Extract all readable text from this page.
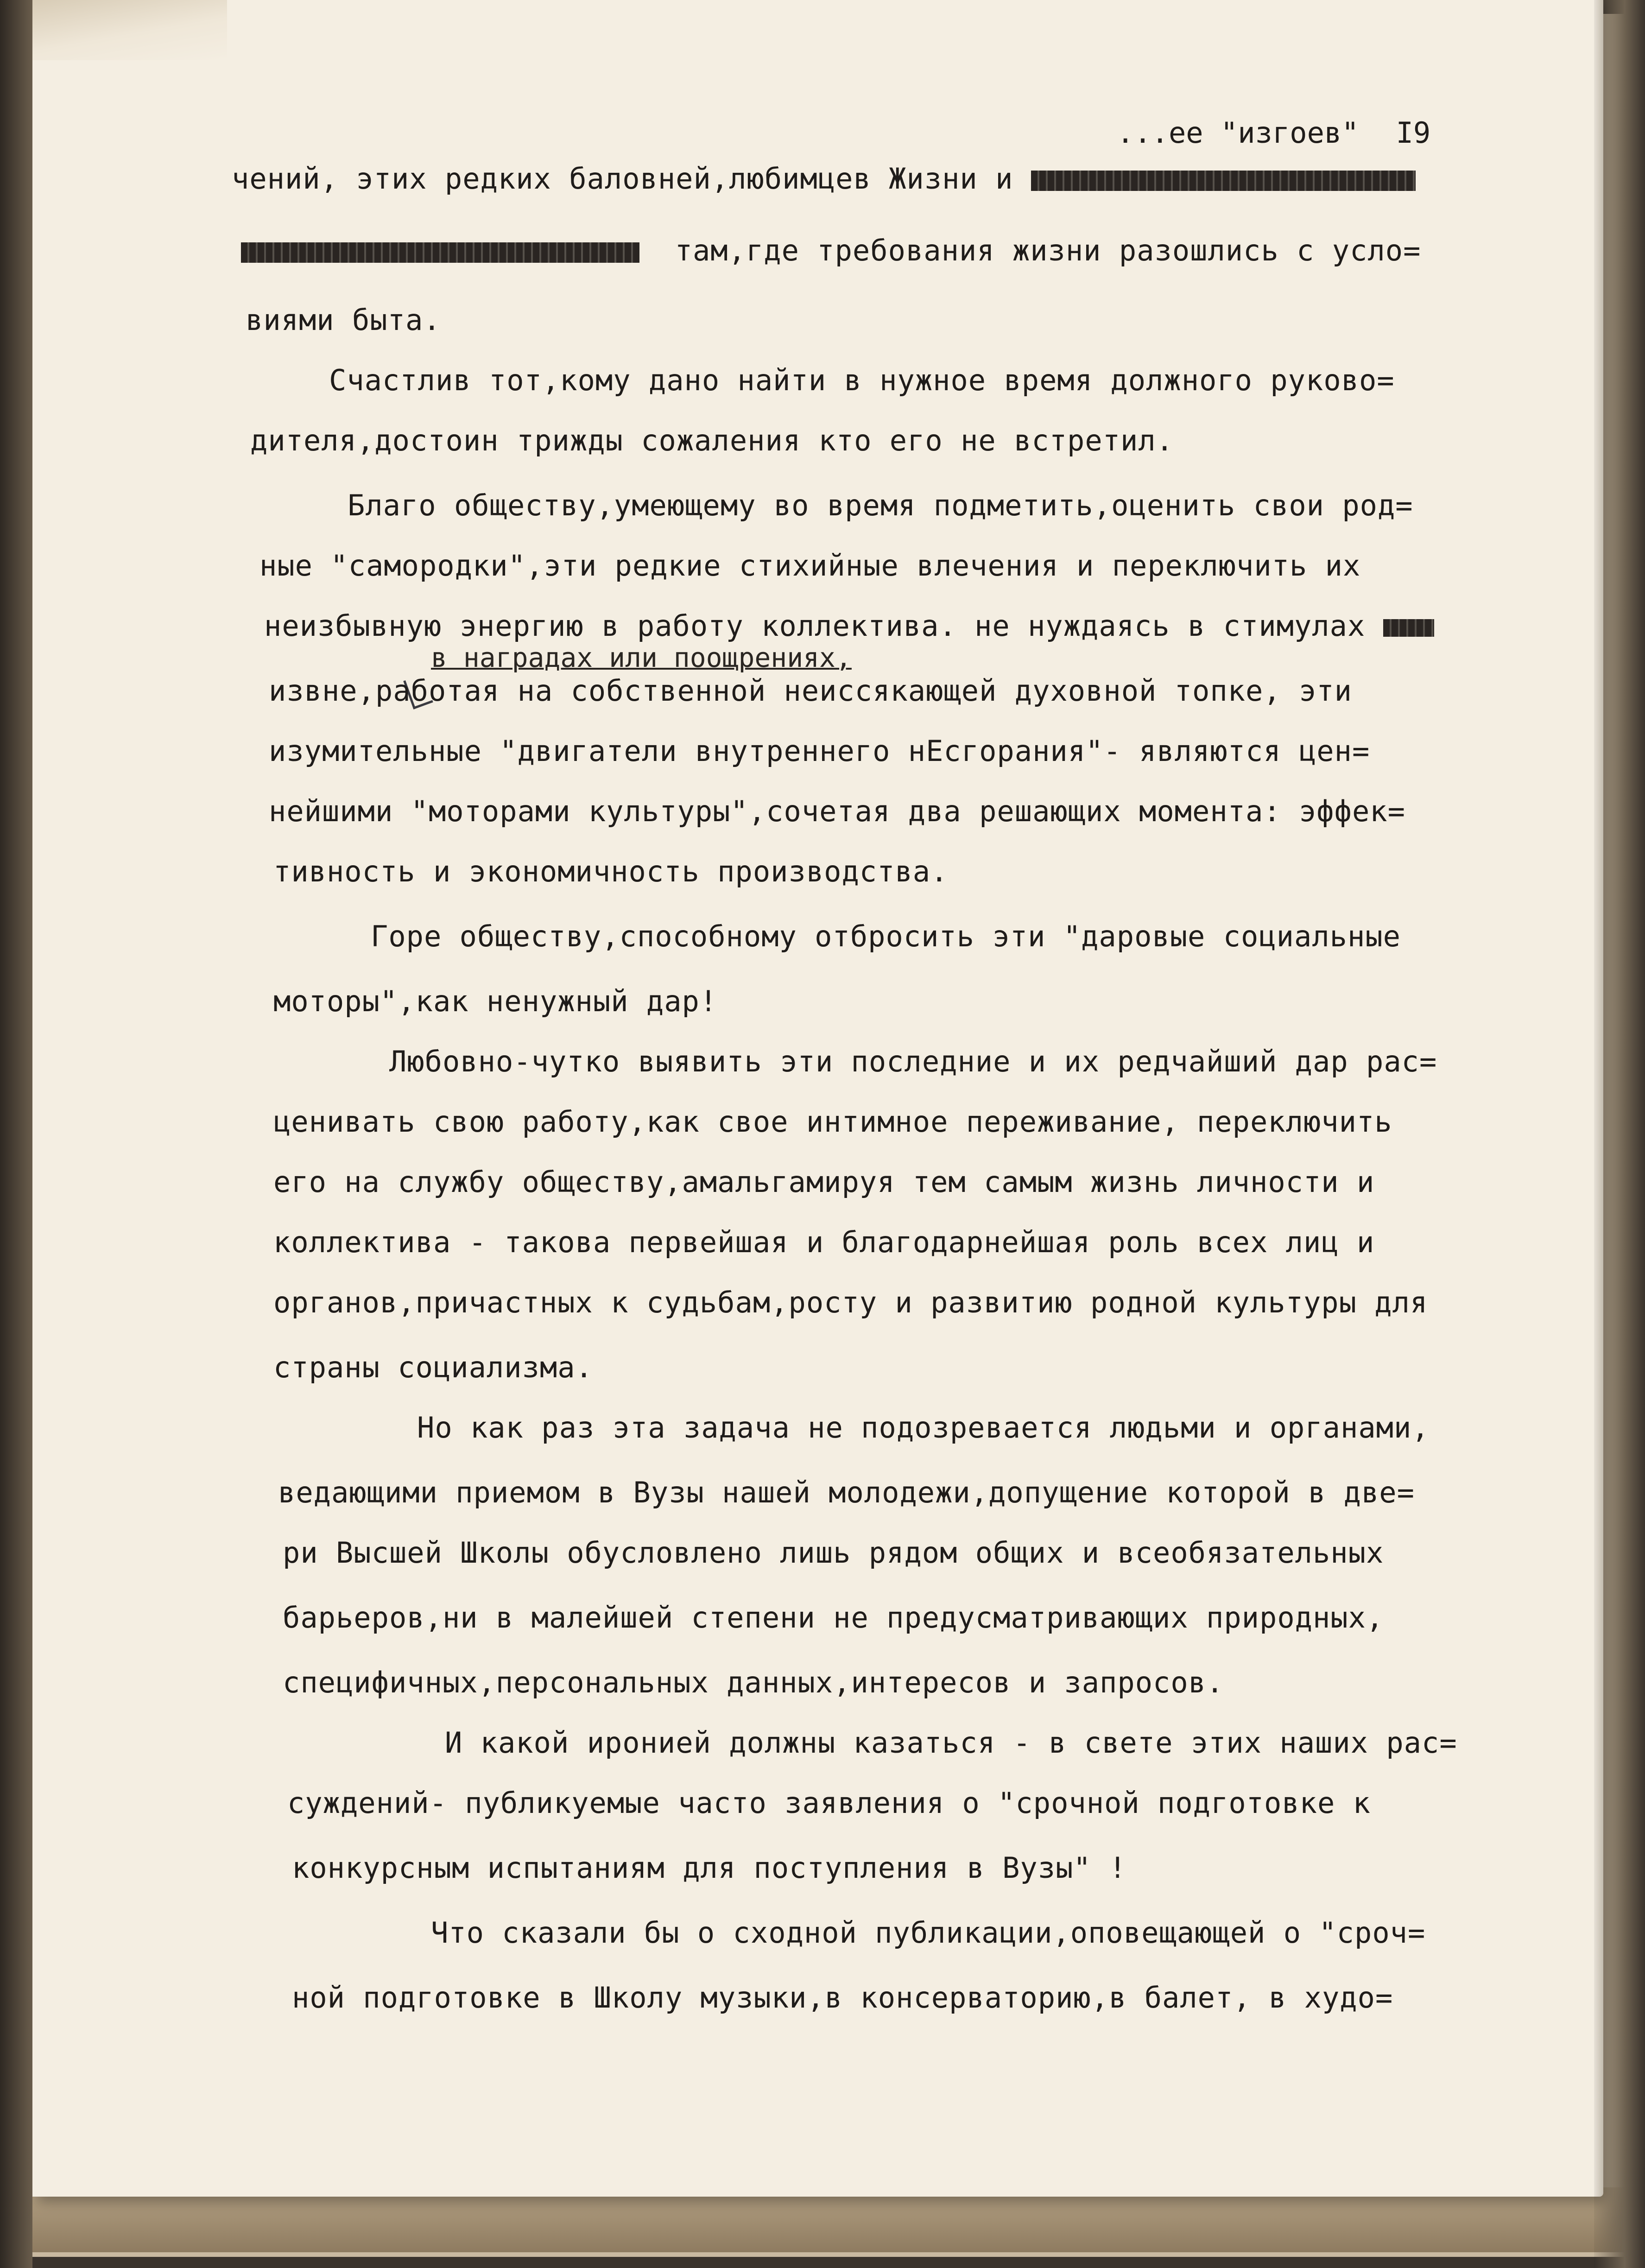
...ее "изгоев" I9
чений, этих редких баловней,любимцев Жизни и
там,где требования жизни разошлись с усло=
виями быта.
Счастлив тот,кому дано найти в нужное время должного руково=
дителя,достоин трижды сожаления кто его не встретил.
Благо обществу,умеющему во время подметить,оценить свои род=
ные "самородки",эти редкие стихийные влечения и переключить их
неизбывную энергию в работу коллектива. не нуждаясь в стимулах
в наградах или поощрениях,
извне,работая на собственной неиссякающей духовной топке, эти
изумительные "двигатели внутреннего нЕсгорания"- являются цен=
нейшими "моторами культуры",сочетая два решающих момента: эффек=
тивность и экономичность производства.
Горе обществу,способному отбросить эти "даровые социальные
моторы",как ненужный дар!
Любовно-чутко выявить эти последние и их редчайший дар рас=
ценивать свою работу,как свое интимное переживание, переключить
его на службу обществу,амальгамируя тем самым жизнь личности и
коллектива - такова первейшая и благодарнейшая роль всех лиц и
органов,причастных к судьбам,росту и развитию родной культуры для
страны социализма.
Но как раз эта задача не подозревается людьми и органами,
ведающими приемом в Вузы нашей молодежи,допущение которой в две=
ри Высшей Школы обусловлено лишь рядом общих и всеобязательных
барьеров,ни в малейшей степени не предусматривающих природных,
специфичных,персональных данных,интересов и запросов.
И какой иронией должны казаться - в свете этих наших рас=
суждений- публикуемые часто заявления о "срочной подготовке к
конкурсным испытаниям для поступления в Вузы" !
Что сказали бы о сходной публикации,оповещающей о "сроч=
ной подготовке в Школу музыки,в консерваторию,в балет, в худо=
